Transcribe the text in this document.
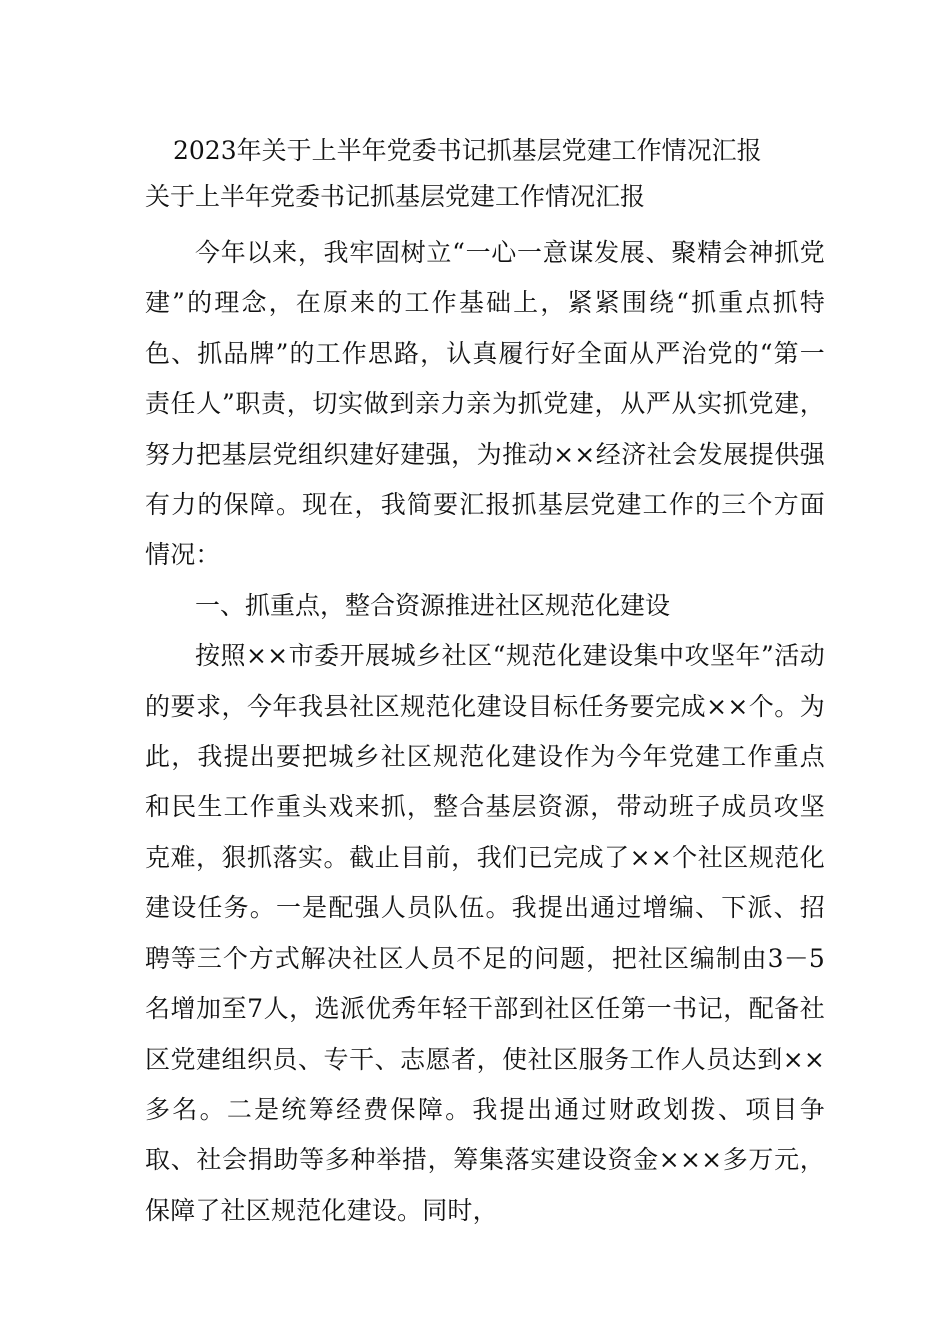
2023年关于上半年党委书记抓基层党建工作情况汇报
关于上半年党委书记抓基层党建工作情况汇报

今年以来，我牢固树立“一心一意谋发展、聚精会神抓党建”的理念，在原来的工作基础上，紧紧围绕“抓重点抓特色、抓品牌”的工作思路，认真履行好全面从严治党的“第一责任人”职责，切实做到亲力亲为抓党建，从严从实抓党建，努力把基层党组织建好建强，为推动××经济社会发展提供强有力的保障。现在，我简要汇报抓基层党建工作的三个方面情况：

一、抓重点，整合资源推进社区规范化建设

按照××市委开展城乡社区“规范化建设集中攻坚年”活动的要求，今年我县社区规范化建设目标任务要完成××个。为此，我提出要把城乡社区规范化建设作为今年党建工作重点和民生工作重头戏来抓，整合基层资源，带动班子成员攻坚克难，狠抓落实。截止目前，我们已完成了××个社区规范化建设任务。一是配强人员队伍。我提出通过增编、下派、招聘等三个方式解决社区人员不足的问题，把社区编制由3－5名增加至7人，选派优秀年轻干部到社区任第一书记，配备社区党建组织员、专干、志愿者，使社区服务工作人员达到××多名。二是统筹经费保障。我提出通过财政划拨、项目争取、社会捐助等多种举措，筹集落实建设资金×××多万元，保障了社区规范化建设。同时，
